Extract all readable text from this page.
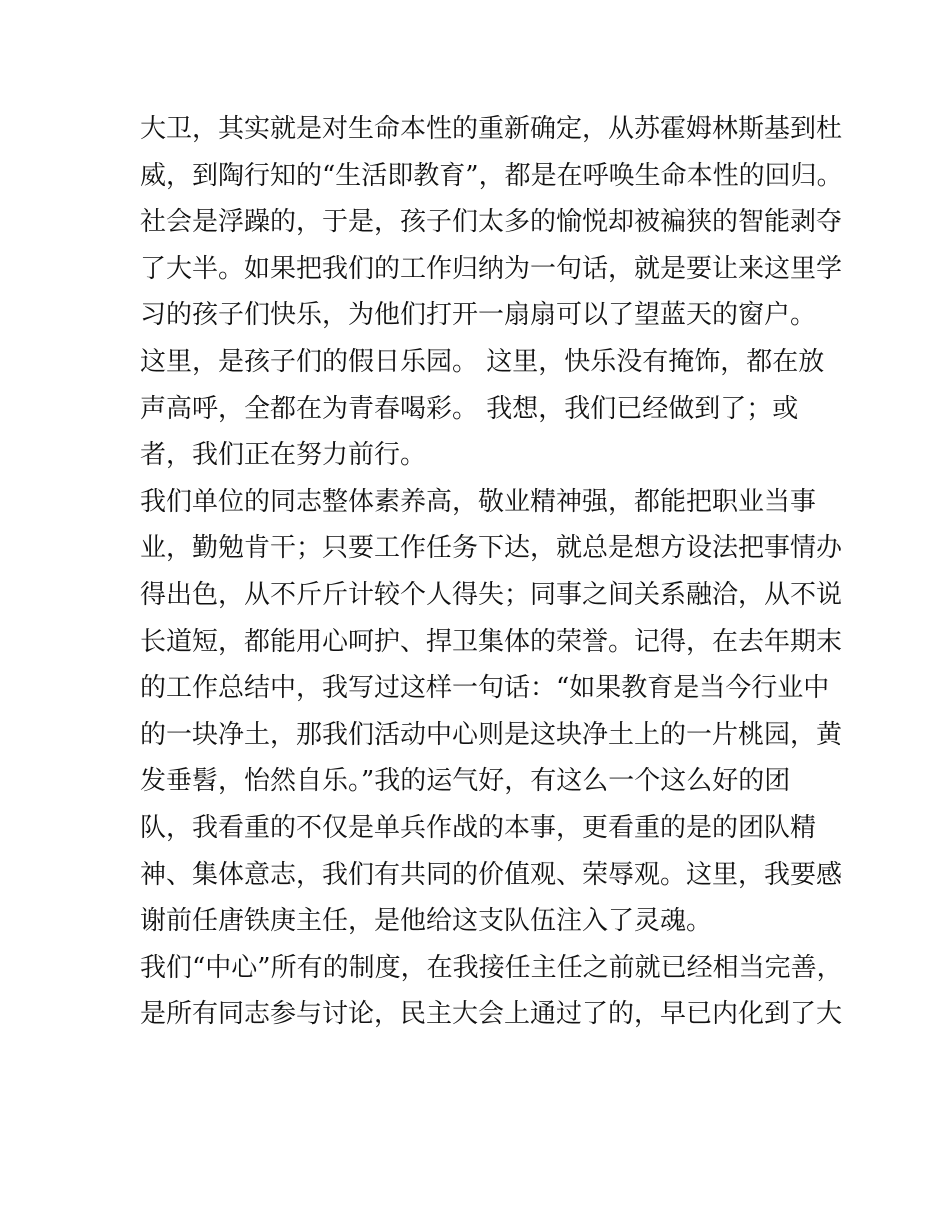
大卫，其实就是对生命本性的重新确定，从苏霍姆林斯基到杜
威，到陶行知的“生活即教育”，都是在呼唤生命本性的回归。
社会是浮躁的，于是，孩子们太多的愉悦却被褊狭的智能剥夺
了大半。如果把我们的工作归纳为一句话，就是要让来这里学
习的孩子们快乐，为他们打开一扇扇可以了望蓝天的窗户。
这里，是孩子们的假日乐园。 这里，快乐没有掩饰，都在放
声高呼，全都在为青春喝彩。 我想，我们已经做到了；或
者，我们正在努力前行。
我们单位的同志整体素养高，敬业精神强，都能把职业当事
业，勤勉肯干；只要工作任务下达，就总是想方设法把事情办
得出色，从不斤斤计较个人得失；同事之间关系融洽，从不说
长道短，都能用心呵护、捍卫集体的荣誉。记得，在去年期末
的工作总结中，我写过这样一句话：“如果教育是当今行业中
的一块净土，那我们活动中心则是这块净土上的一片桃园，黄
发垂髫，怡然自乐。”我的运气好，有这么一个这么好的团
队，我看重的不仅是单兵作战的本事，更看重的是的团队精
神、集体意志，我们有共同的价值观、荣辱观。这里，我要感
谢前任唐铁庚主任，是他给这支队伍注入了灵魂。
我们“中心”所有的制度，在我接任主任之前就已经相当完善，
是所有同志参与讨论，民主大会上通过了的，早已内化到了大
